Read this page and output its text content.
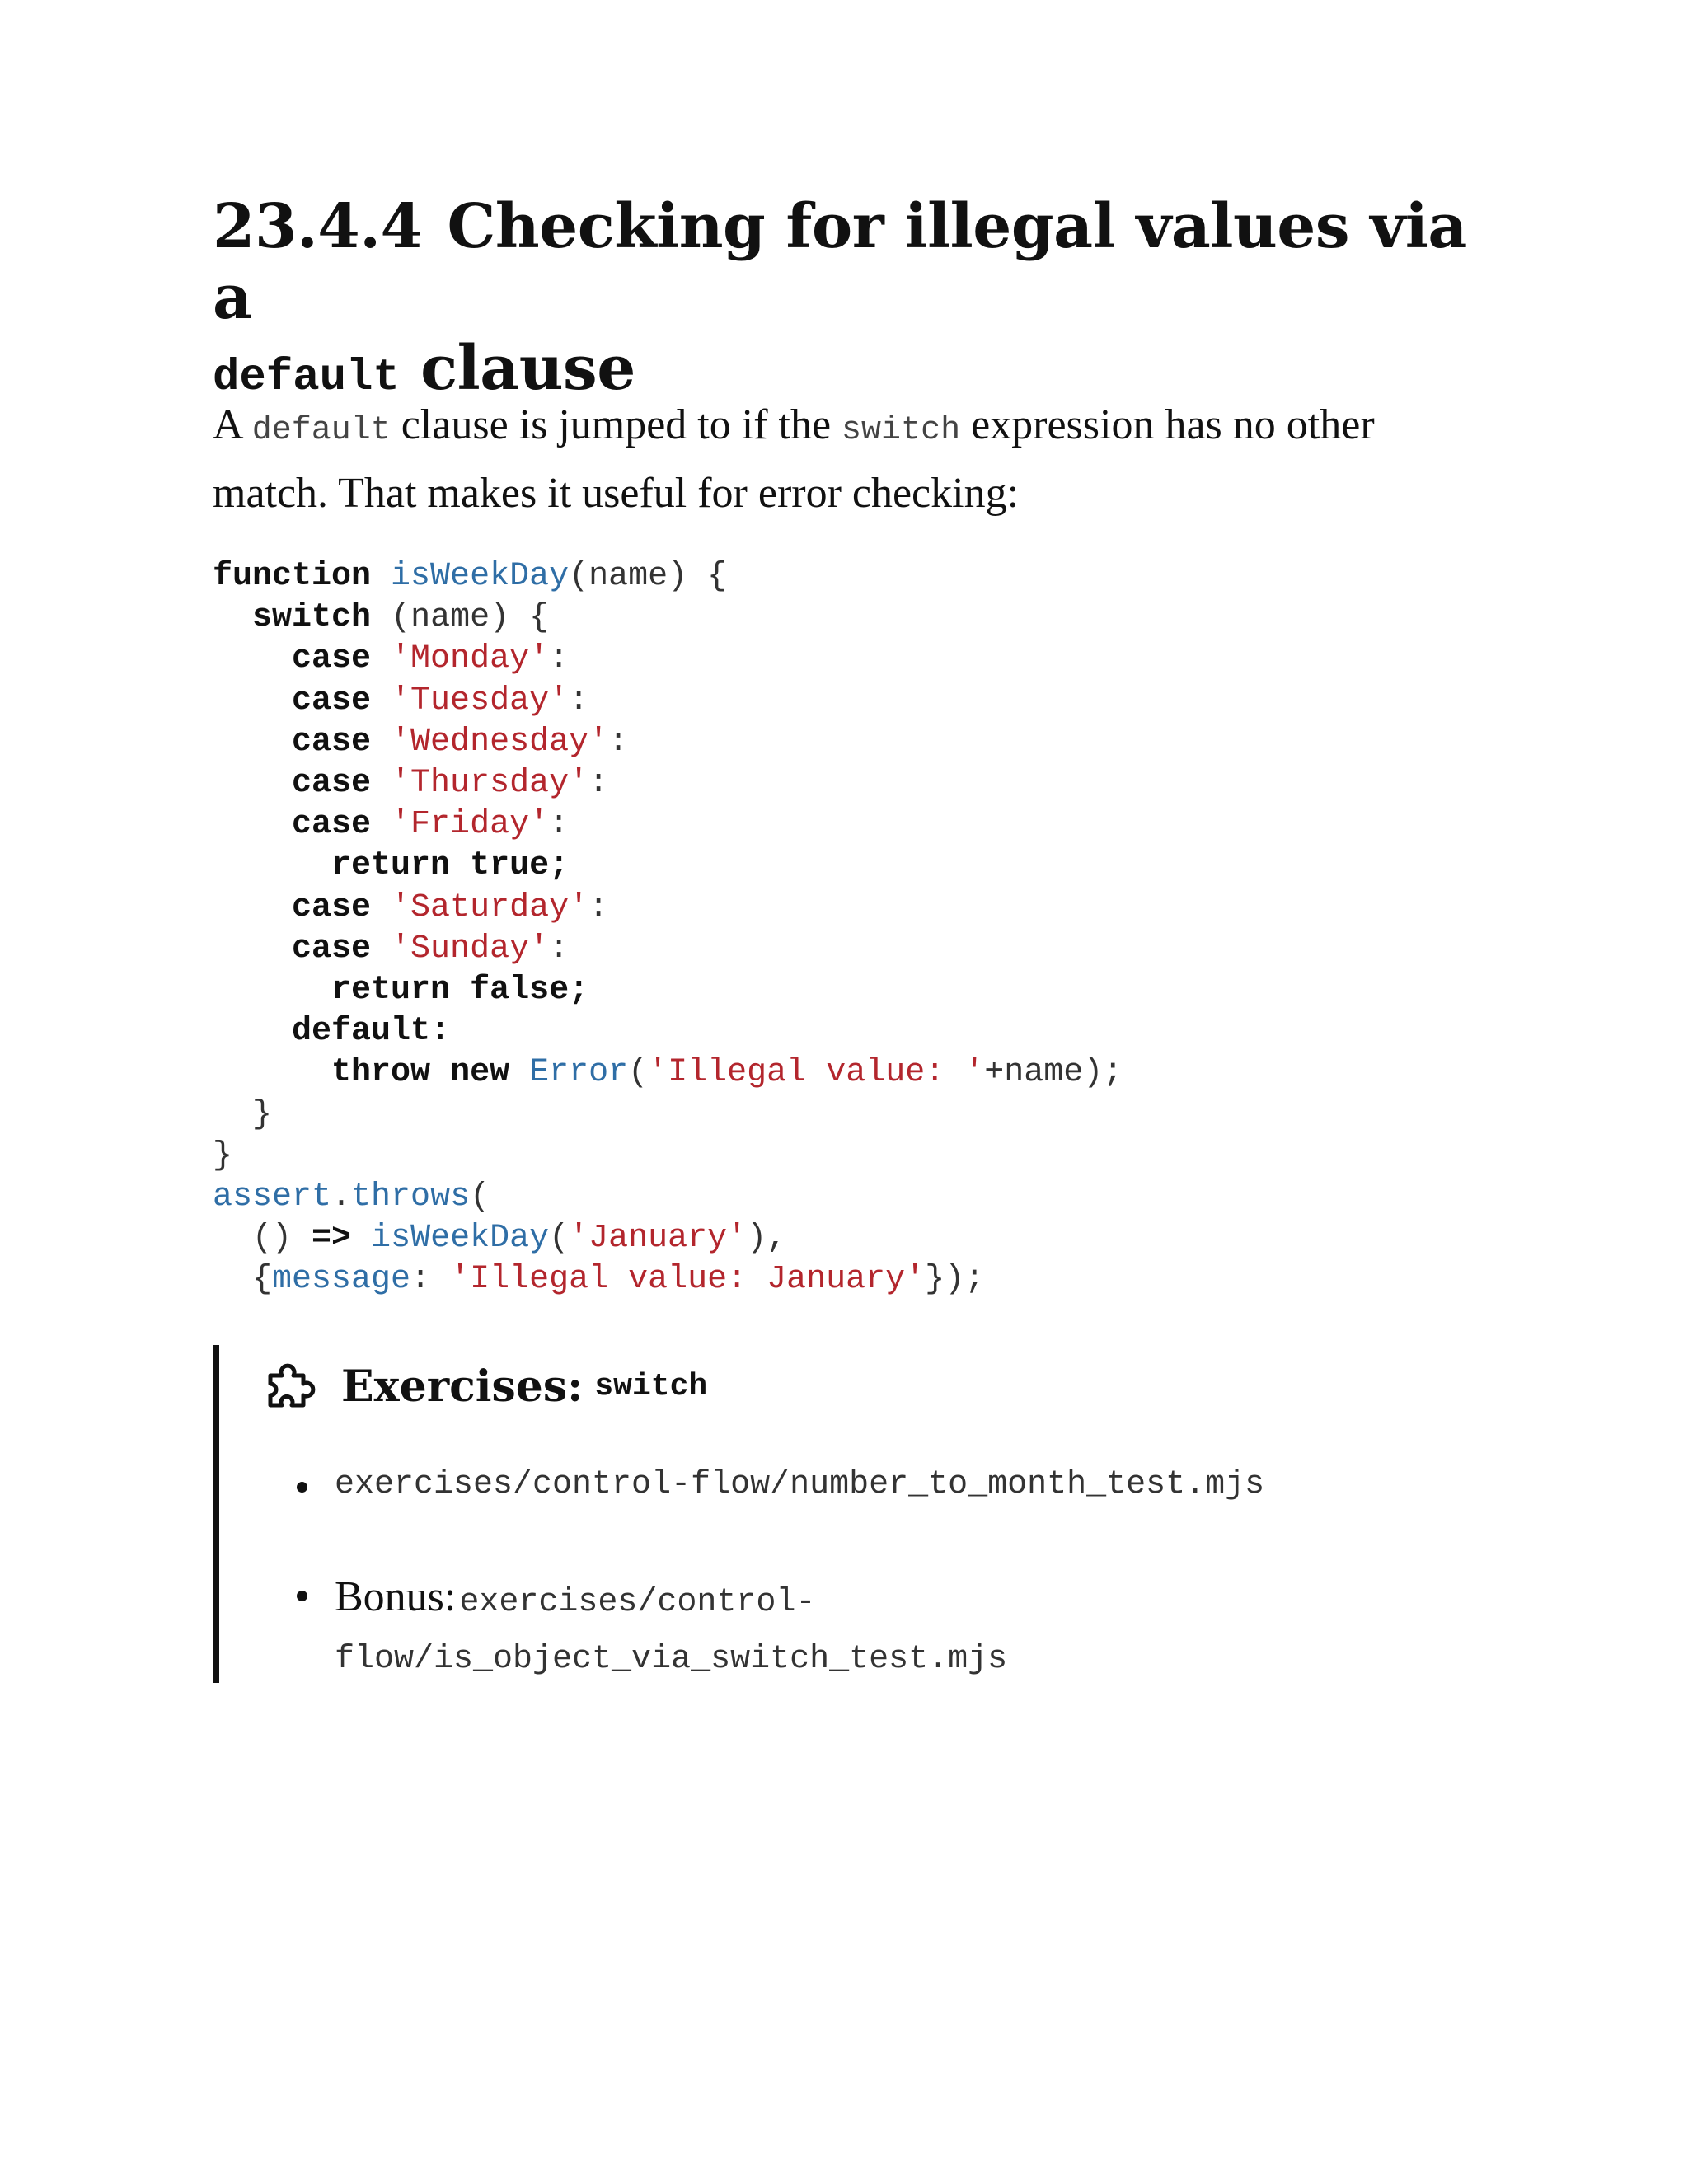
23.4.4 Checking for illegal values via a
default clause

A default clause is jumped to if the switch expression has no other match. That makes it useful for error checking:

function isWeekDay(name) {
switch (name) {
case 'Monday':
case 'Tuesday':
case 'Wednesday':
case 'Thursday':
case 'Friday':
return true;
case 'Saturday':
case 'Sunday':
return false;
default:
throw new Error('Illegal value: '+name);
}
}
assert.throws(
() => isWeekDay('January'),
{message: 'Illegal value: January'});
Exercises: switch
exercises/control-flow/number_to_month_test.mjs
Bonus: exercises/control-
flow/is_object_via_switch_test.mjs
